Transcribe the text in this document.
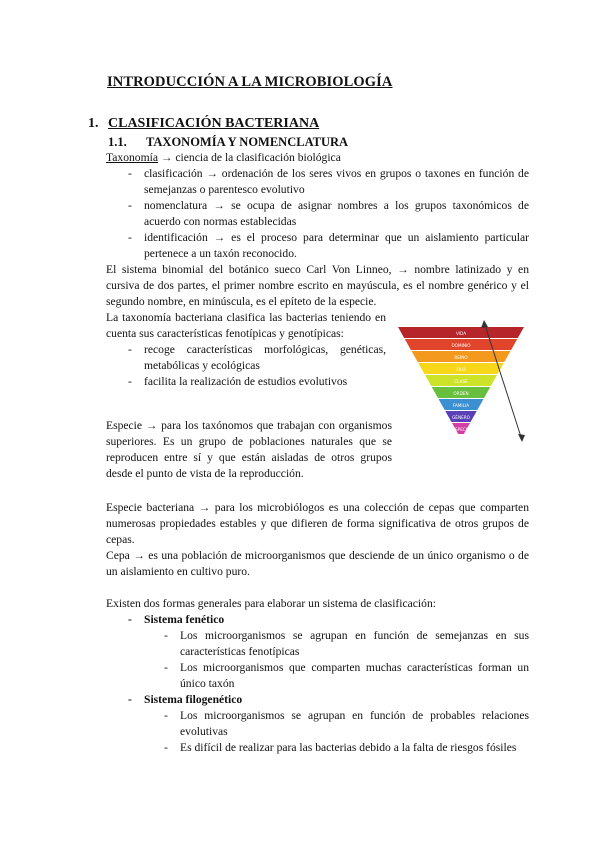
INTRODUCCIÓN A LA MICROBIOLOGÍA
1. CLASIFICACIÓN BACTERIANA
1.1. TAXONOMÍA Y NOMENCLATURA

Taxonomía → ciencia de la clasificación biológica

- clasificación → ordenación de los seres vivos en grupos o taxones en función de semejanzas o parentesco evolutivo
- nomenclatura → se ocupa de asignar nombres a los grupos taxonómicos de acuerdo con normas establecidas
- identificación → es el proceso para determinar que un aislamiento particular pertenece a un taxón reconocido.

El sistema binomial del botánico sueco Carl Von Linneo, → nombre latinizado y en cursiva de dos partes, el primer nombre escrito en mayúscula, es el nombre genérico y el segundo nombre, en minúscula, es el epíteto de la especie.

La taxonomía bacteriana clasifica las bacterias teniendo en cuenta sus características fenotípicas y genotípicas:

- recoge características morfológicas, genéticas, metabólicas y ecológicas
- facilita la realización de estudios evolutivos
VIDA
DOMINIO
REINO
FILO
CLASE
ORDEN
FAMILIA
GÉNERO
ESPECIE
Especie → para los taxónomos que trabajan con organismos superiores. Es un grupo de poblaciones naturales que se reproducen entre sí y que están aisladas de otros grupos desde el punto de vista de la reproducción.
Especie bacteriana → para los microbiólogos es una colección de cepas que comparten numerosas propiedades estables y que difieren de forma significativa de otros grupos de cepas.
Cepa → es una población de microorganismos que desciende de un único organismo o de un aislamiento en cultivo puro.

Existen dos formas generales para elaborar un sistema de clasificación:

- Sistema fenético
- Los microorganismos se agrupan en función de semejanzas en sus características fenotípicas
- Los microorganismos que comparten muchas características forman un único taxón
- Sistema filogenético
- Los microorganismos se agrupan en función de probables relaciones evolutivas
- Es difícil de realizar para las bacterias debido a la falta de riesgos fósiles
